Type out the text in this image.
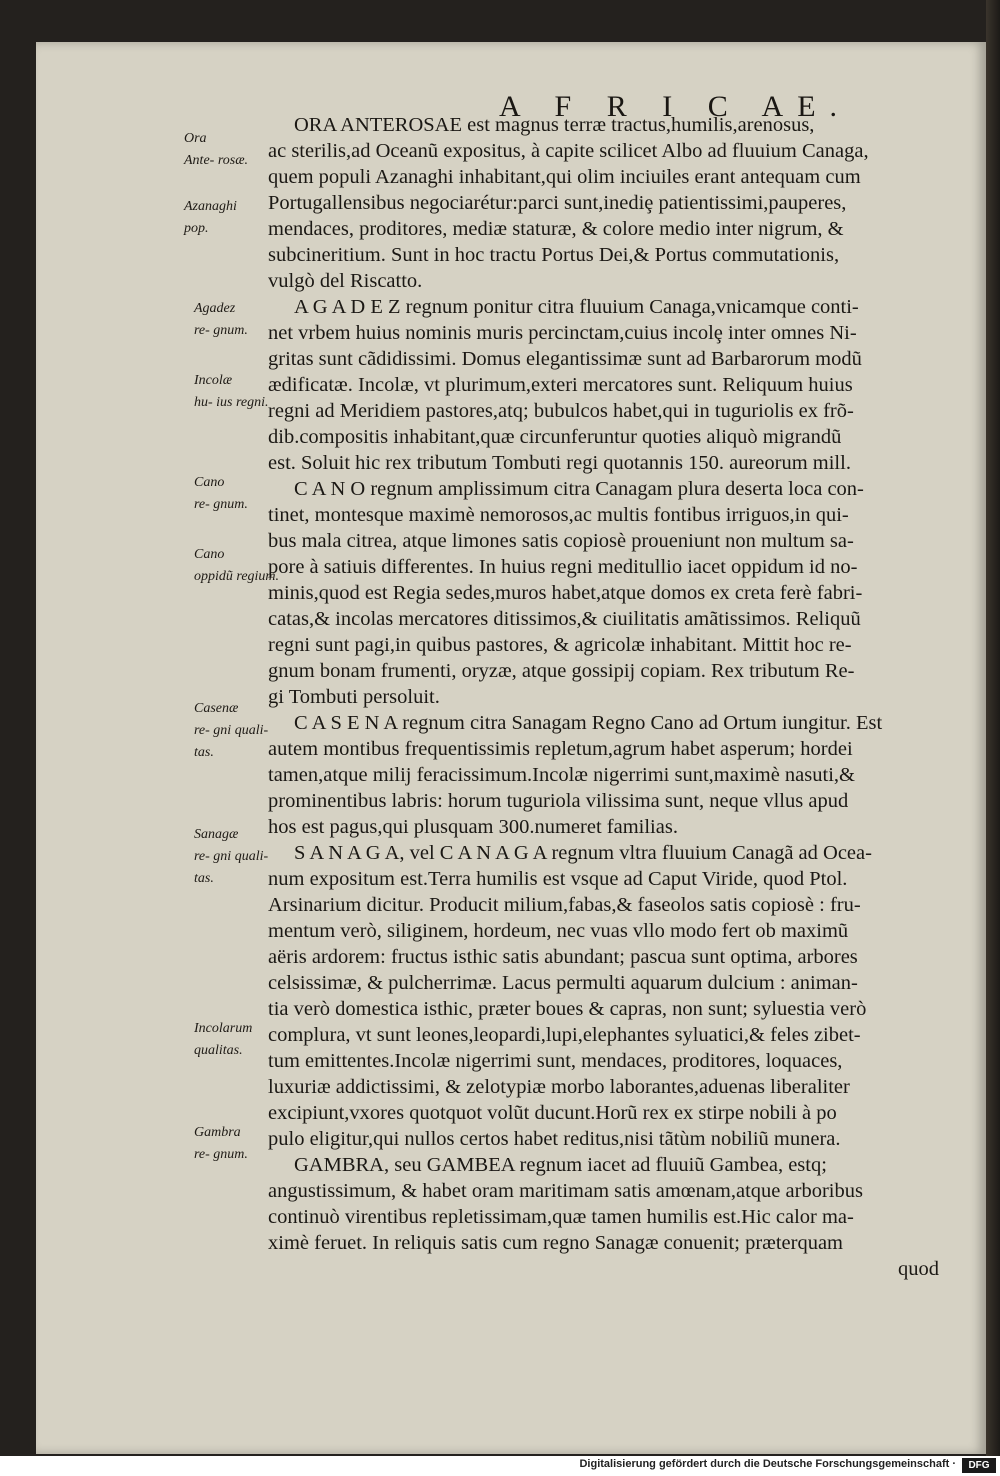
A F R I C AE.
Ora
Ante- rosæ.
Azanaghi
pop.
Agadez
re- gnum.
Incolæ
hu- ius regni.
Cano
re- gnum.
Cano
oppidũ regium.
Casenæ
re- gni quali- tas.
Sanagæ
re- gni quali- tas.
Incolarum
qualitas.
Gambra
re- gnum.
ORA ANTEROSAE est magnus terræ tractus,humilis,arenosus,
ac sterilis,ad Oceanũ expositus, à capite scilicet Albo ad fluuium Canaga,
quem populi Azanaghi inhabitant,qui olim inciuiles erant antequam cum
Portugallensibus negociarétur:parci sunt,inediȩ patientissimi,pauperes,
mendaces, proditores, mediæ staturæ, & colore medio inter nigrum, &
subcineritium. Sunt in hoc tractu Portus Dei,& Portus commutationis,
vulgò del Riscatto.
A G A D E Z regnum ponitur citra fluuium Canaga,vnicamque conti-
net vrbem huius nominis muris percinctam,cuius incolȩ inter omnes Ni-
gritas sunt cãdidissimi. Domus elegantissimæ sunt ad Barbarorum modũ
ædificatæ. Incolæ, vt plurimum,exteri mercatores sunt. Reliquum huius
regni ad Meridiem pastores,atq; bubulcos habet,qui in tuguriolis ex frõ-
dib.compositis inhabitant,quæ circunferuntur quoties aliquò migrandũ
est. Soluit hic rex tributum Tombuti regi quotannis 150. aureorum mill.
C A N O regnum amplissimum citra Canagam plura deserta loca con-
tinet, montesque maximè nemorosos,ac multis fontibus irriguos,in qui-
bus mala citrea, atque limones satis copiosè proueniunt non multum sa-
pore à satiuis differentes. In huius regni meditullio iacet oppidum id no-
minis,quod est Regia sedes,muros habet,atque domos ex creta ferè fabri-
catas,& incolas mercatores ditissimos,& ciuilitatis amãtissimos. Reliquũ
regni sunt pagi,in quibus pastores, & agricolæ inhabitant. Mittit hoc re-
gnum bonam frumenti, oryzæ, atque gossipij copiam. Rex tributum Re-
gi Tombuti persoluit.
C A S E N A regnum citra Sanagam Regno Cano ad Ortum iungitur. Est
autem montibus frequentissimis repletum,agrum habet asperum; hordei
tamen,atque milij feracissimum.Incolæ nigerrimi sunt,maximè nasuti,&
prominentibus labris: horum tuguriola vilissima sunt, neque vllus apud
hos est pagus,qui plusquam 300.numeret familias.
S A N A G A, vel C A N A G A regnum vltra fluuium Canagã ad Ocea-
num expositum est.Terra humilis est vsque ad Caput Viride, quod Ptol.
Arsinarium dicitur. Producit milium,fabas,& faseolos satis copiosè : fru-
mentum verò, siliginem, hordeum, nec vuas vllo modo fert ob maximũ
aëris ardorem: fructus isthic satis abundant; pascua sunt optima, arbores
celsissimæ, & pulcherrimæ. Lacus permulti aquarum dulcium : animan-
tia verò domestica isthic, præter boues & capras, non sunt; syluestia verò
complura, vt sunt leones,leopardi,lupi,elephantes syluatici,& feles zibet-
tum emittentes.Incolæ nigerrimi sunt, mendaces, proditores, loquaces,
luxuriæ addictissimi, & zelotypiæ morbo laborantes,aduenas liberaliter
excipiunt,vxores quotquot volũt ducunt.Horũ rex ex stirpe nobili à po
pulo eligitur,qui nullos certos habet reditus,nisi tãtùm nobiliũ munera.
GAMBRA, seu GAMBEA regnum iacet ad fluuiũ Gambea, estq;
angustissimum, & habet oram maritimam satis amœnam,atque arboribus
continuò virentibus repletissimam,quæ tamen humilis est.Hic calor ma-
ximè feruet. In reliquis satis cum regno Sanagæ conuenit; præterquam
quod
Digitalisierung gefördert durch die Deutsche Forschungsgemeinschaft ·	DFG
